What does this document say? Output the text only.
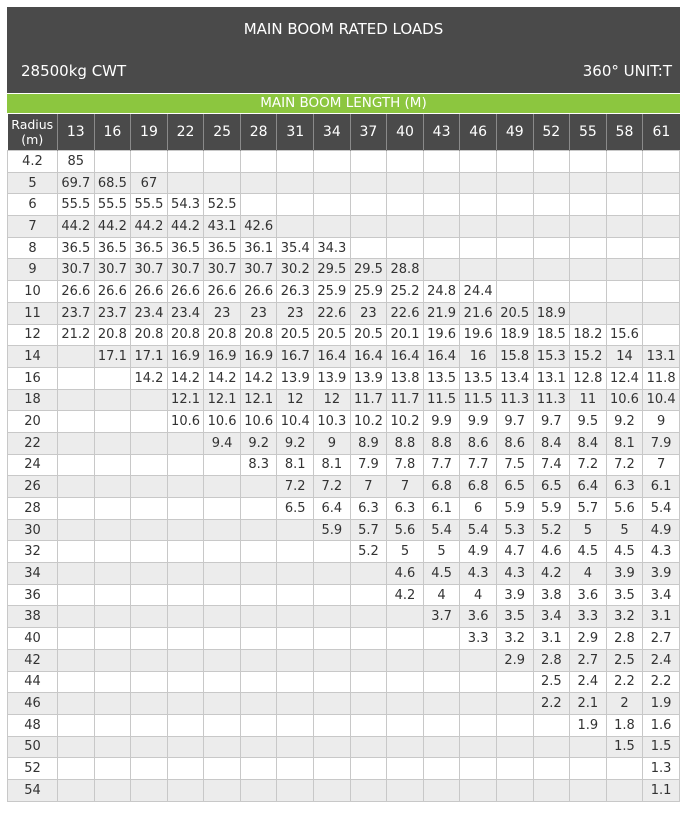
MAIN BOOM RATED LOADS
28500kg CWT	360° UNIT:T
MAIN BOOM LENGTH (M)
Radius (m)	13	16	19	22	25	28	31	34	37	40	43	46	49	52	55	58	61
4.2	85																
5	69.7	68.5	67														
6	55.5	55.5	55.5	54.3	52.5												
7	44.2	44.2	44.2	44.2	43.1	42.6											
8	36.5	36.5	36.5	36.5	36.5	36.1	35.4	34.3									
9	30.7	30.7	30.7	30.7	30.7	30.7	30.2	29.5	29.5	28.8							
10	26.6	26.6	26.6	26.6	26.6	26.6	26.3	25.9	25.9	25.2	24.8	24.4					
11	23.7	23.7	23.4	23.4	23	23	23	22.6	23	22.6	21.9	21.6	20.5	18.9			
12	21.2	20.8	20.8	20.8	20.8	20.8	20.5	20.5	20.5	20.1	19.6	19.6	18.9	18.5	18.2	15.6	
14		17.1	17.1	16.9	16.9	16.9	16.7	16.4	16.4	16.4	16.4	16	15.8	15.3	15.2	14	13.1
16			14.2	14.2	14.2	14.2	13.9	13.9	13.9	13.8	13.5	13.5	13.4	13.1	12.8	12.4	11.8
18				12.1	12.1	12.1	12	12	11.7	11.7	11.5	11.5	11.3	11.3	11	10.6	10.4
20				10.6	10.6	10.6	10.4	10.3	10.2	10.2	9.9	9.9	9.7	9.7	9.5	9.2	9
22					9.4	9.2	9.2	9	8.9	8.8	8.8	8.6	8.6	8.4	8.4	8.1	7.9
24						8.3	8.1	8.1	7.9	7.8	7.7	7.7	7.5	7.4	7.2	7.2	7
26							7.2	7.2	7	7	6.8	6.8	6.5	6.5	6.4	6.3	6.1
28							6.5	6.4	6.3	6.3	6.1	6	5.9	5.9	5.7	5.6	5.4
30								5.9	5.7	5.6	5.4	5.4	5.3	5.2	5	5	4.9
32									5.2	5	5	4.9	4.7	4.6	4.5	4.5	4.3
34										4.6	4.5	4.3	4.3	4.2	4	3.9	3.9
36										4.2	4	4	3.9	3.8	3.6	3.5	3.4
38											3.7	3.6	3.5	3.4	3.3	3.2	3.1
40												3.3	3.2	3.1	2.9	2.8	2.7
42													2.9	2.8	2.7	2.5	2.4
44														2.5	2.4	2.2	2.2
46														2.2	2.1	2	1.9
48															1.9	1.8	1.6
50																1.5	1.5
52																	1.3
54																	1.1
